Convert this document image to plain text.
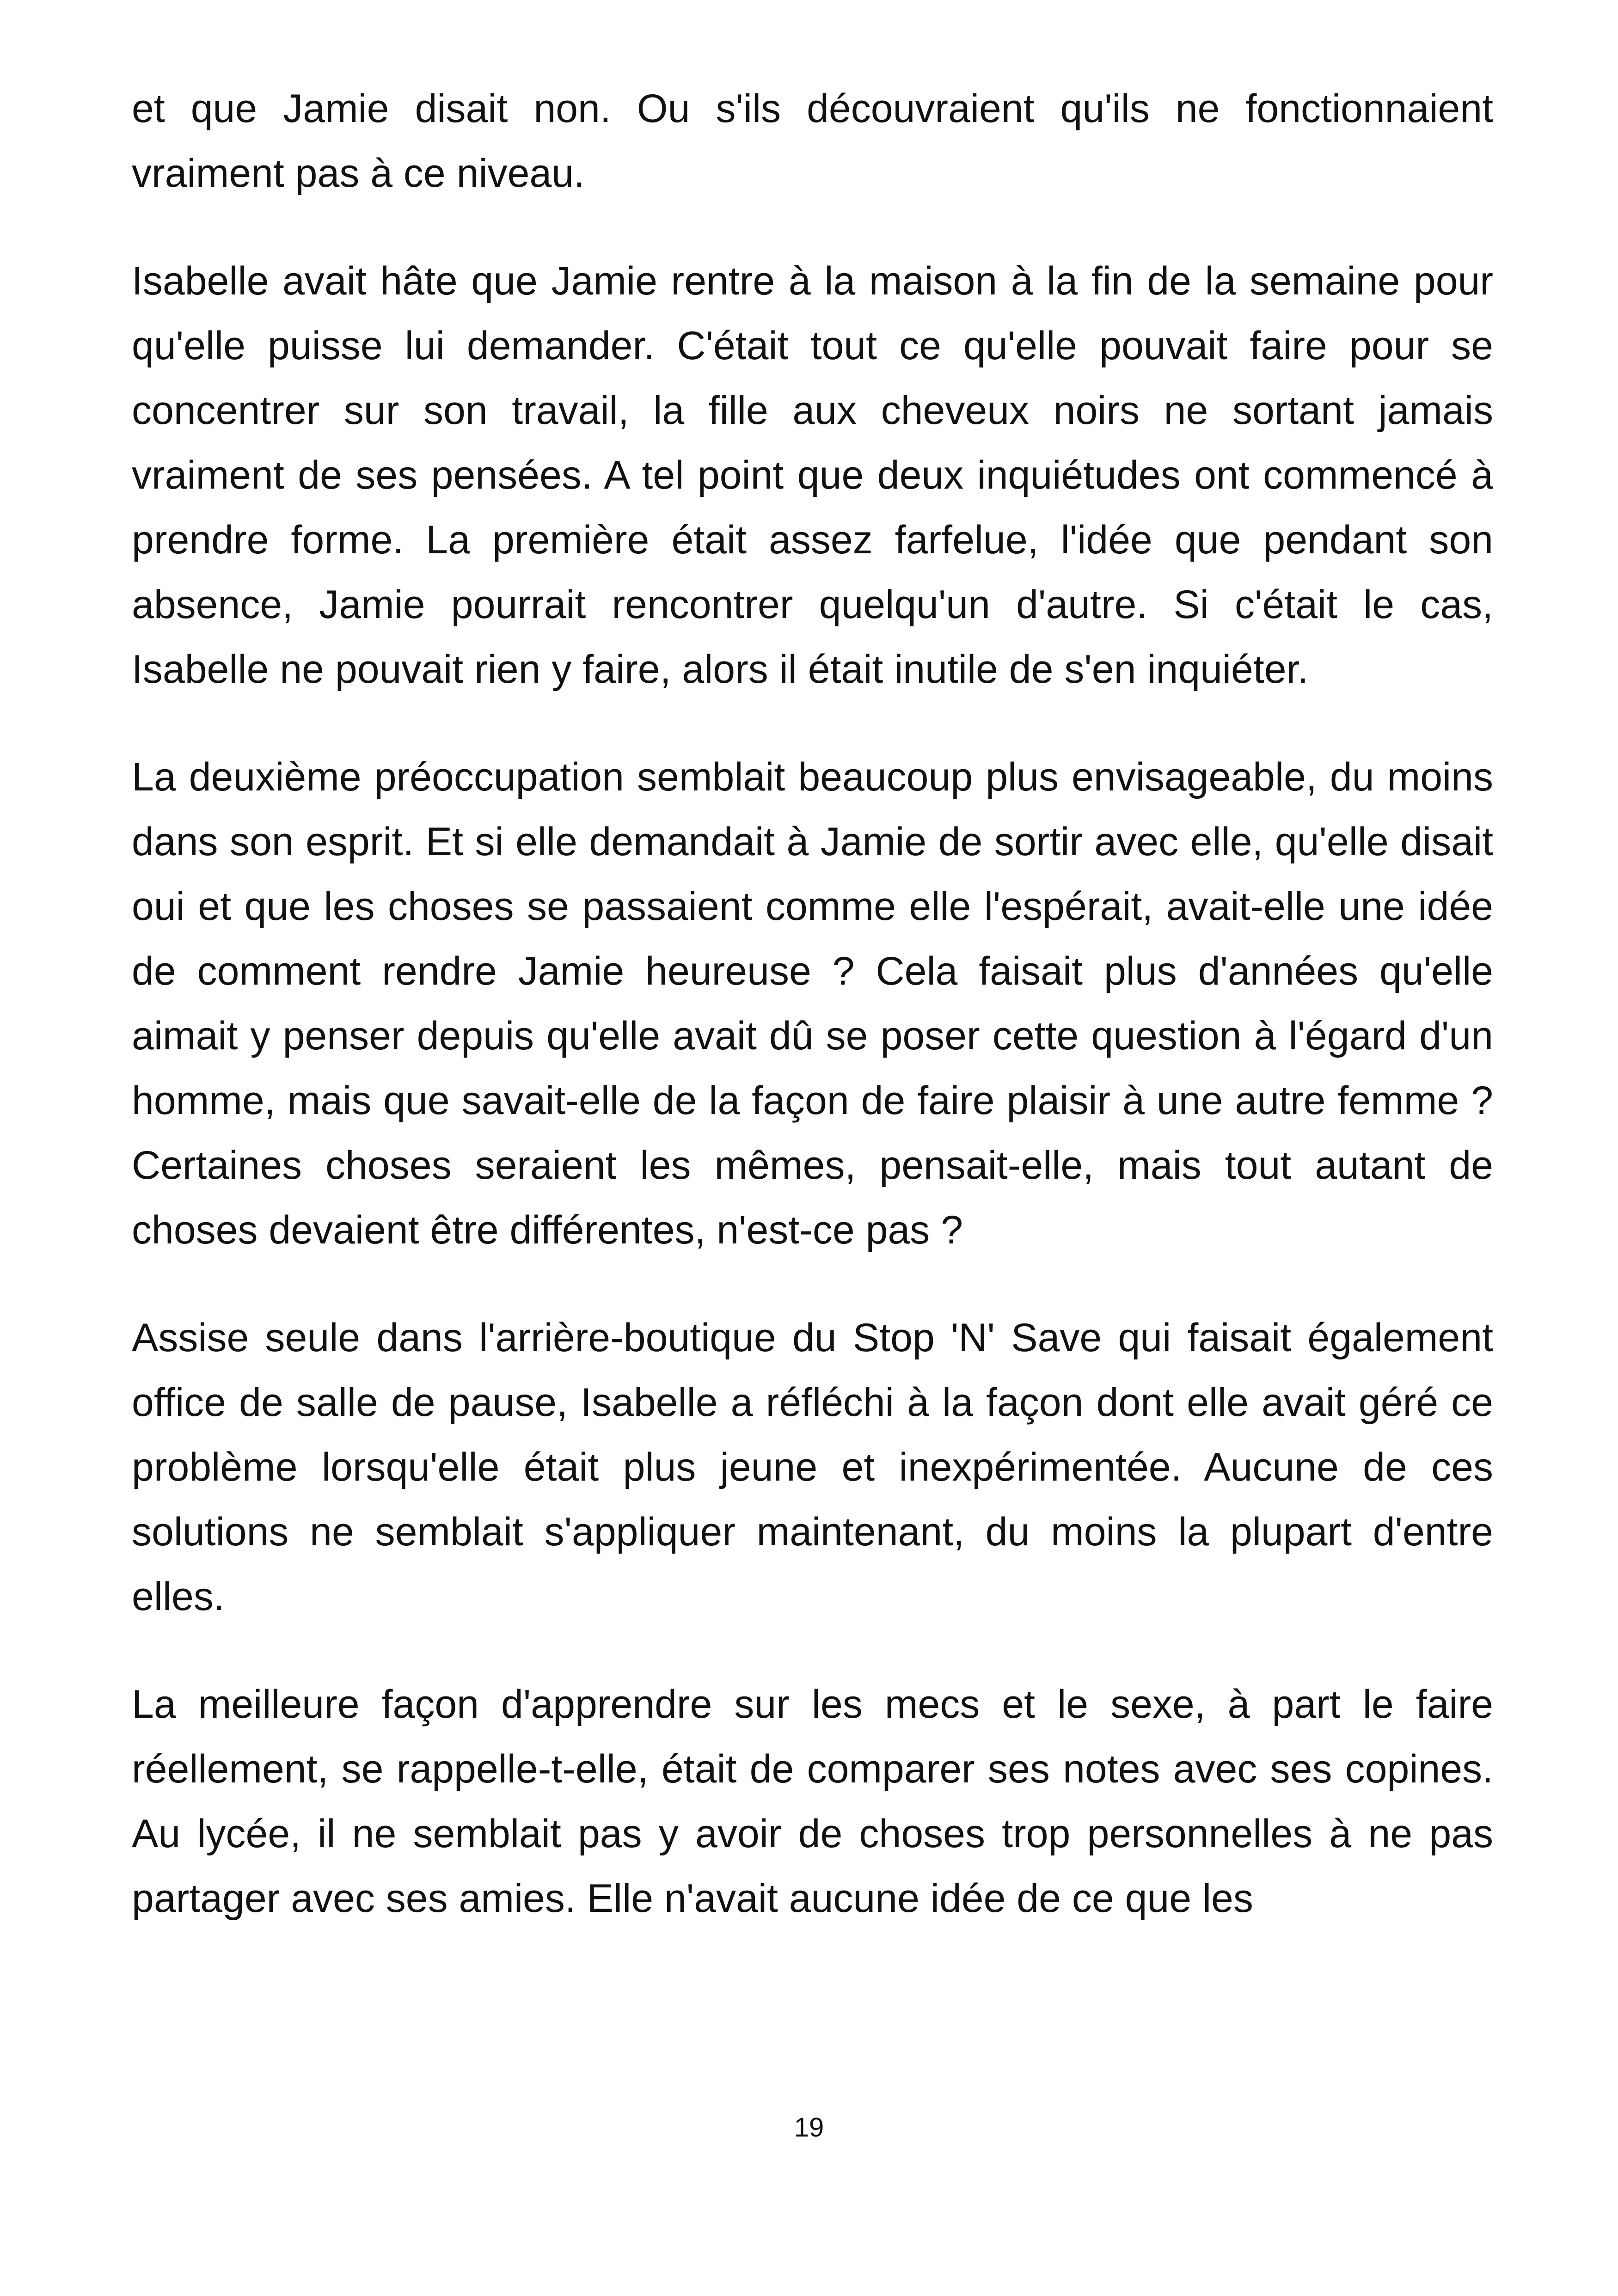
et que Jamie disait non. Ou s'ils découvraient qu'ils ne fonctionnaient vraiment pas à ce niveau.

Isabelle avait hâte que Jamie rentre à la maison à la fin de la semaine pour qu'elle puisse lui demander. C'était tout ce qu'elle pouvait faire pour se concentrer sur son travail, la fille aux cheveux noirs ne sortant jamais vraiment de ses pensées. A tel point que deux inquiétudes ont commencé à prendre forme. La première était assez farfelue, l'idée que pendant son absence, Jamie pourrait rencontrer quelqu'un d'autre. Si c'était le cas, Isabelle ne pouvait rien y faire, alors il était inutile de s'en inquiéter.

La deuxième préoccupation semblait beaucoup plus envisageable, du moins dans son esprit. Et si elle demandait à Jamie de sortir avec elle, qu'elle disait oui et que les choses se passaient comme elle l'espérait, avait-elle une idée de comment rendre Jamie heureuse ? Cela faisait plus d'années qu'elle aimait y penser depuis qu'elle avait dû se poser cette question à l'égard d'un homme, mais que savait-elle de la façon de faire plaisir à une autre femme ? Certaines choses seraient les mêmes, pensait-elle, mais tout autant de choses devaient être différentes, n'est-ce pas ?

Assise seule dans l'arrière-boutique du Stop 'N' Save qui faisait également office de salle de pause, Isabelle a réfléchi à la façon dont elle avait géré ce problème lorsqu'elle était plus jeune et inexpérimentée. Aucune de ces solutions ne semblait s'appliquer maintenant, du moins la plupart d'entre elles.

La meilleure façon d'apprendre sur les mecs et le sexe, à part le faire réellement, se rappelle-t-elle, était de comparer ses notes avec ses copines. Au lycée, il ne semblait pas y avoir de choses trop personnelles à ne pas partager avec ses amies. Elle n'avait aucune idée de ce que les

19
